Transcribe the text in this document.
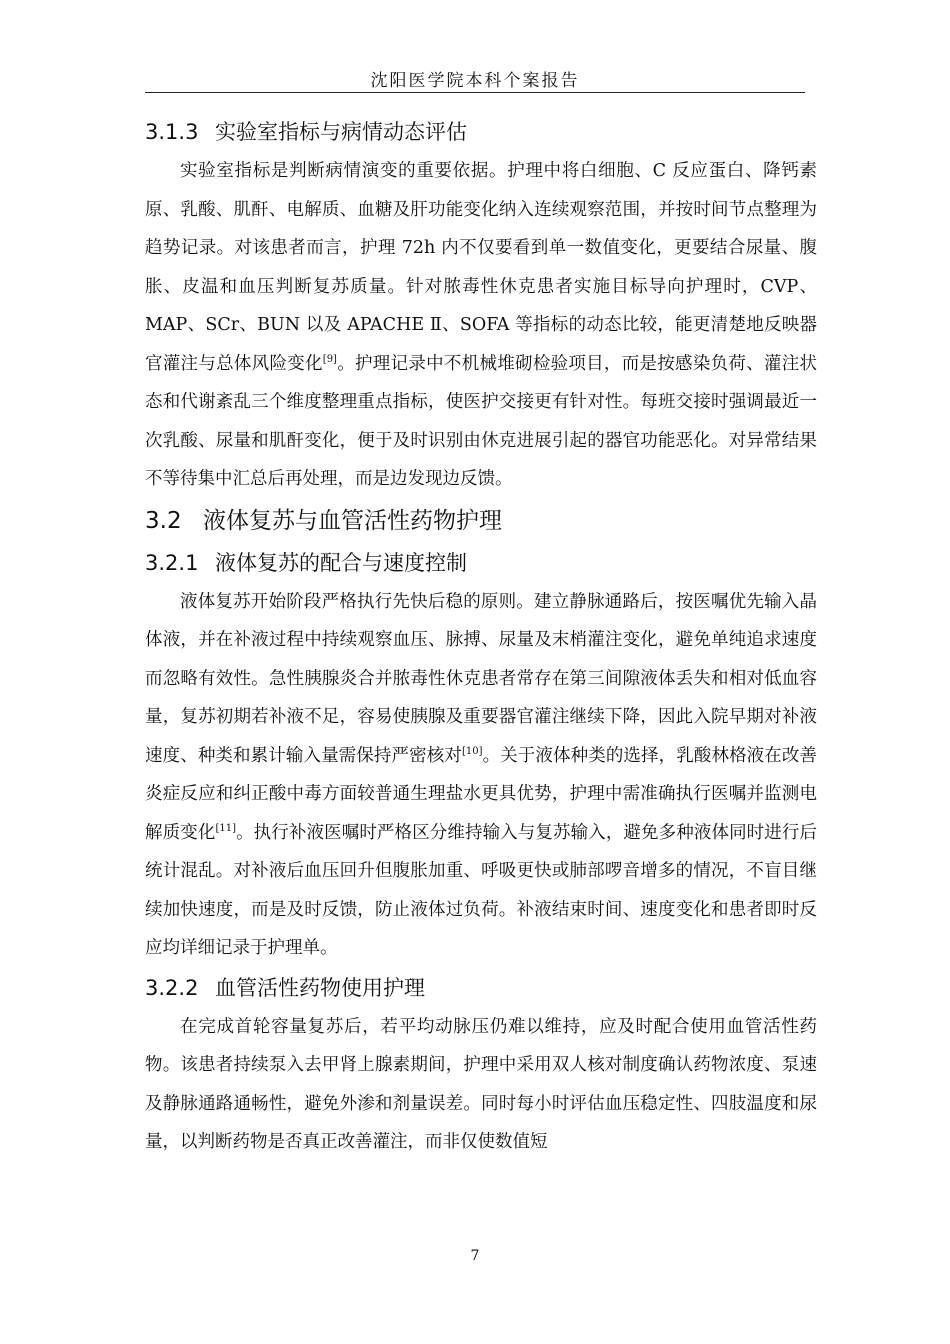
沈阳医学院本科个案报告
3.1.3 实验室指标与病情动态评估

实验室指标是判断病情演变的重要依据。护理中将白细胞、C 反应蛋白、降钙素原、乳酸、肌酐、电解质、血糖及肝功能变化纳入连续观察范围，并按时间节点整理为趋势记录。对该患者而言，护理 72h 内不仅要看到单一数值变化，更要结合尿量、腹胀、皮温和血压判断复苏质量。针对脓毒性休克患者实施目标导向护理时，CVP、MAP、SCr、BUN 以及 APACHE Ⅱ、SOFA 等指标的动态比较，能更清楚地反映器官灌注与总体风险变化[9]。护理记录中不机械堆砌检验项目，而是按感染负荷、灌注状态和代谢紊乱三个维度整理重点指标，使医护交接更有针对性。每班交接时强调最近一次乳酸、尿量和肌酐变化，便于及时识别由休克进展引起的器官功能恶化。对异常结果不等待集中汇总后再处理，而是边发现边反馈。

3.2 液体复苏与血管活性药物护理
3.2.1 液体复苏的配合与速度控制

液体复苏开始阶段严格执行先快后稳的原则。建立静脉通路后，按医嘱优先输入晶体液，并在补液过程中持续观察血压、脉搏、尿量及末梢灌注变化，避免单纯追求速度而忽略有效性。急性胰腺炎合并脓毒性休克患者常存在第三间隙液体丢失和相对低血容量，复苏初期若补液不足，容易使胰腺及重要器官灌注继续下降，因此入院早期对补液速度、种类和累计输入量需保持严密核对[10]。关于液体种类的选择，乳酸林格液在改善炎症反应和纠正酸中毒方面较普通生理盐水更具优势，护理中需准确执行医嘱并监测电解质变化[11]。执行补液医嘱时严格区分维持输入与复苏输入，避免多种液体同时进行后统计混乱。对补液后血压回升但腹胀加重、呼吸更快或肺部啰音增多的情况，不盲目继续加快速度，而是及时反馈，防止液体过负荷。补液结束时间、速度变化和患者即时反应均详细记录于护理单。

3.2.2 血管活性药物使用护理

在完成首轮容量复苏后，若平均动脉压仍难以维持，应及时配合使用血管活性药物。该患者持续泵入去甲肾上腺素期间，护理中采用双人核对制度确认药物浓度、泵速及静脉通路通畅性，避免外渗和剂量误差。同时每小时评估血压稳定性、四肢温度和尿量，以判断药物是否真正改善灌注，而非仅使数值短

7
